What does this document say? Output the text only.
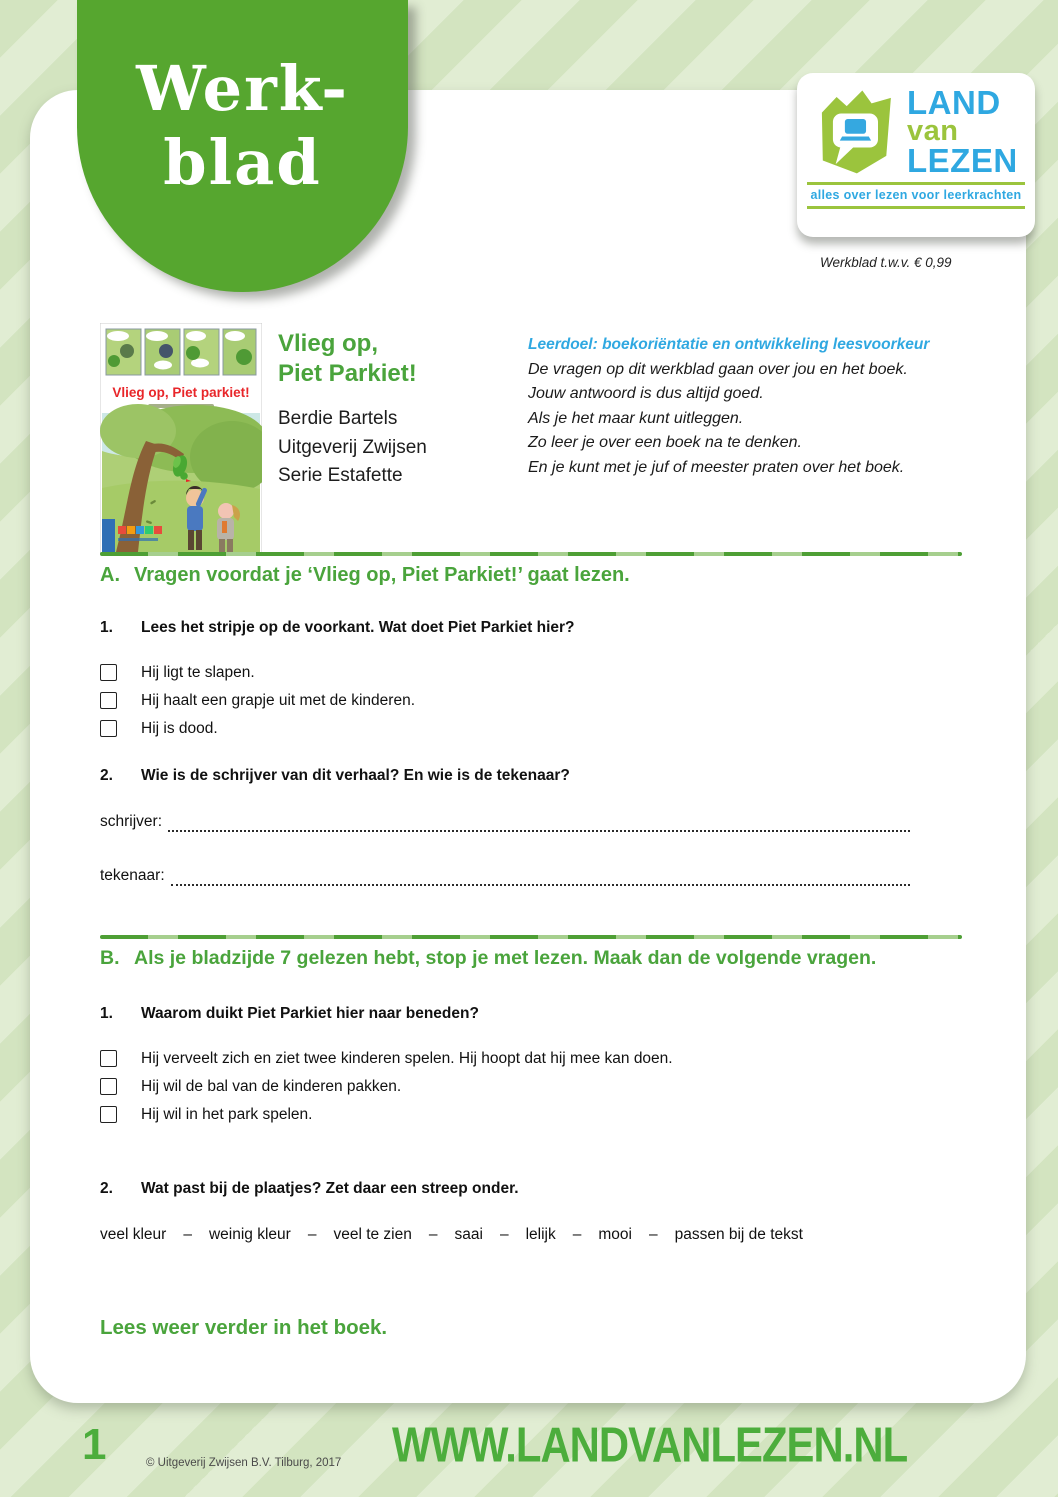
Werk-
blad
LAND
van
LEZEN
alles over lezen voor leerkrachten
Werkblad t.w.v. € 0,99
Vlieg op, Piet parkiet!
Vlieg op,
Piet Parkiet!
Berdie Bartels
Uitgeverij Zwijsen
Serie Estafette
Leerdoel: boekoriëntatie en ontwikkeling leesvoorkeur
De vragen op dit werkblad gaan over jou en het boek.
Jouw antwoord is dus altijd goed.
Als je het maar kunt uitleggen.
Zo leer je over een boek na te denken.
En je kunt met je juf of meester praten over het boek.
A. Vragen voordat je ‘Vlieg op, Piet Parkiet!’ gaat lezen.
1. Lees het stripje op de voorkant. Wat doet Piet Parkiet hier?
Hij ligt te slapen.
Hij haalt een grapje uit met de kinderen.
Hij is dood.
2. Wie is de schrijver van dit verhaal? En wie is de tekenaar?
schrijver:
tekenaar:
B. Als je bladzijde 7 gelezen hebt, stop je met lezen. Maak dan de volgende vragen.
1. Waarom duikt Piet Parkiet hier naar beneden?
Hij verveelt zich en ziet twee kinderen spelen. Hij hoopt dat hij mee kan doen.
Hij wil de bal van de kinderen pakken.
Hij wil in het park spelen.
2. Wat past bij de plaatjes? Zet daar een streep onder.
veel kleur – weinig kleur – veel te zien – saai – lelijk – mooi – passen bij de tekst
Lees weer verder in het boek.
1	© Uitgeverij Zwijsen B.V. Tilburg, 2017 WWW.LANDVANLEZEN.NL
